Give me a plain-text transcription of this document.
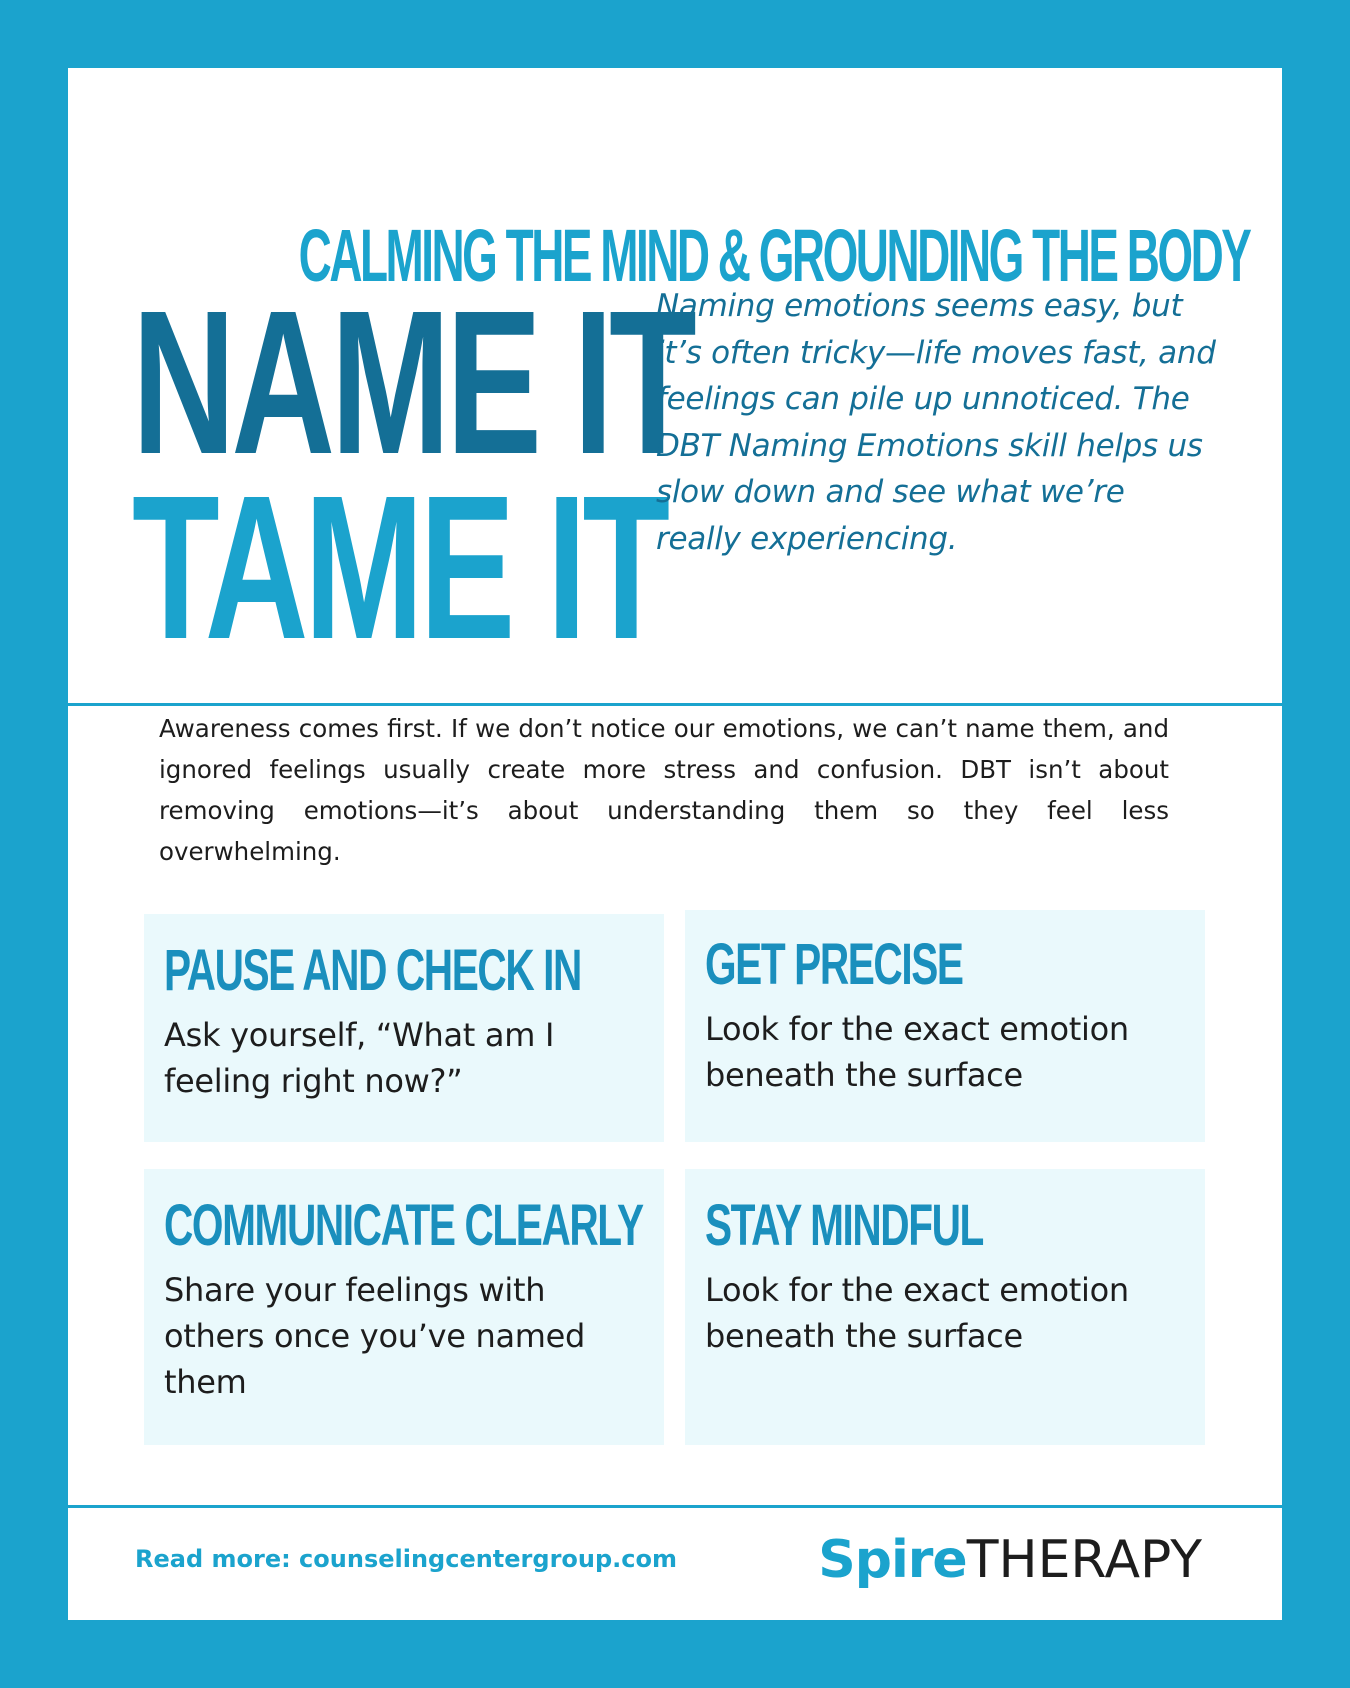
CALMING THE MIND & GROUNDING THE BODY
NAME IT
TAME IT

Naming emotions seems easy, but it’s often tricky—life moves fast, and feelings can pile up unnoticed. The DBT Naming Emotions skill helps us slow down and see what we’re really experiencing.

Awareness comes first. If we don’t notice our emotions, we can’t name them, and ignored feelings usually create more stress and confusion. DBT isn’t about removing emotions—it’s about understanding them so they feel less overwhelming.

PAUSE AND CHECK IN

Ask yourself, “What am I feeling right now?”

GET PRECISE

Look for the exact emotion beneath the surface

COMMUNICATE CLEARLY

Share your feelings with others once you’ve named them

STAY MINDFUL

Look for the exact emotion beneath the surface

Read more: counselingcentergroup.com	SpireTHERAPY
